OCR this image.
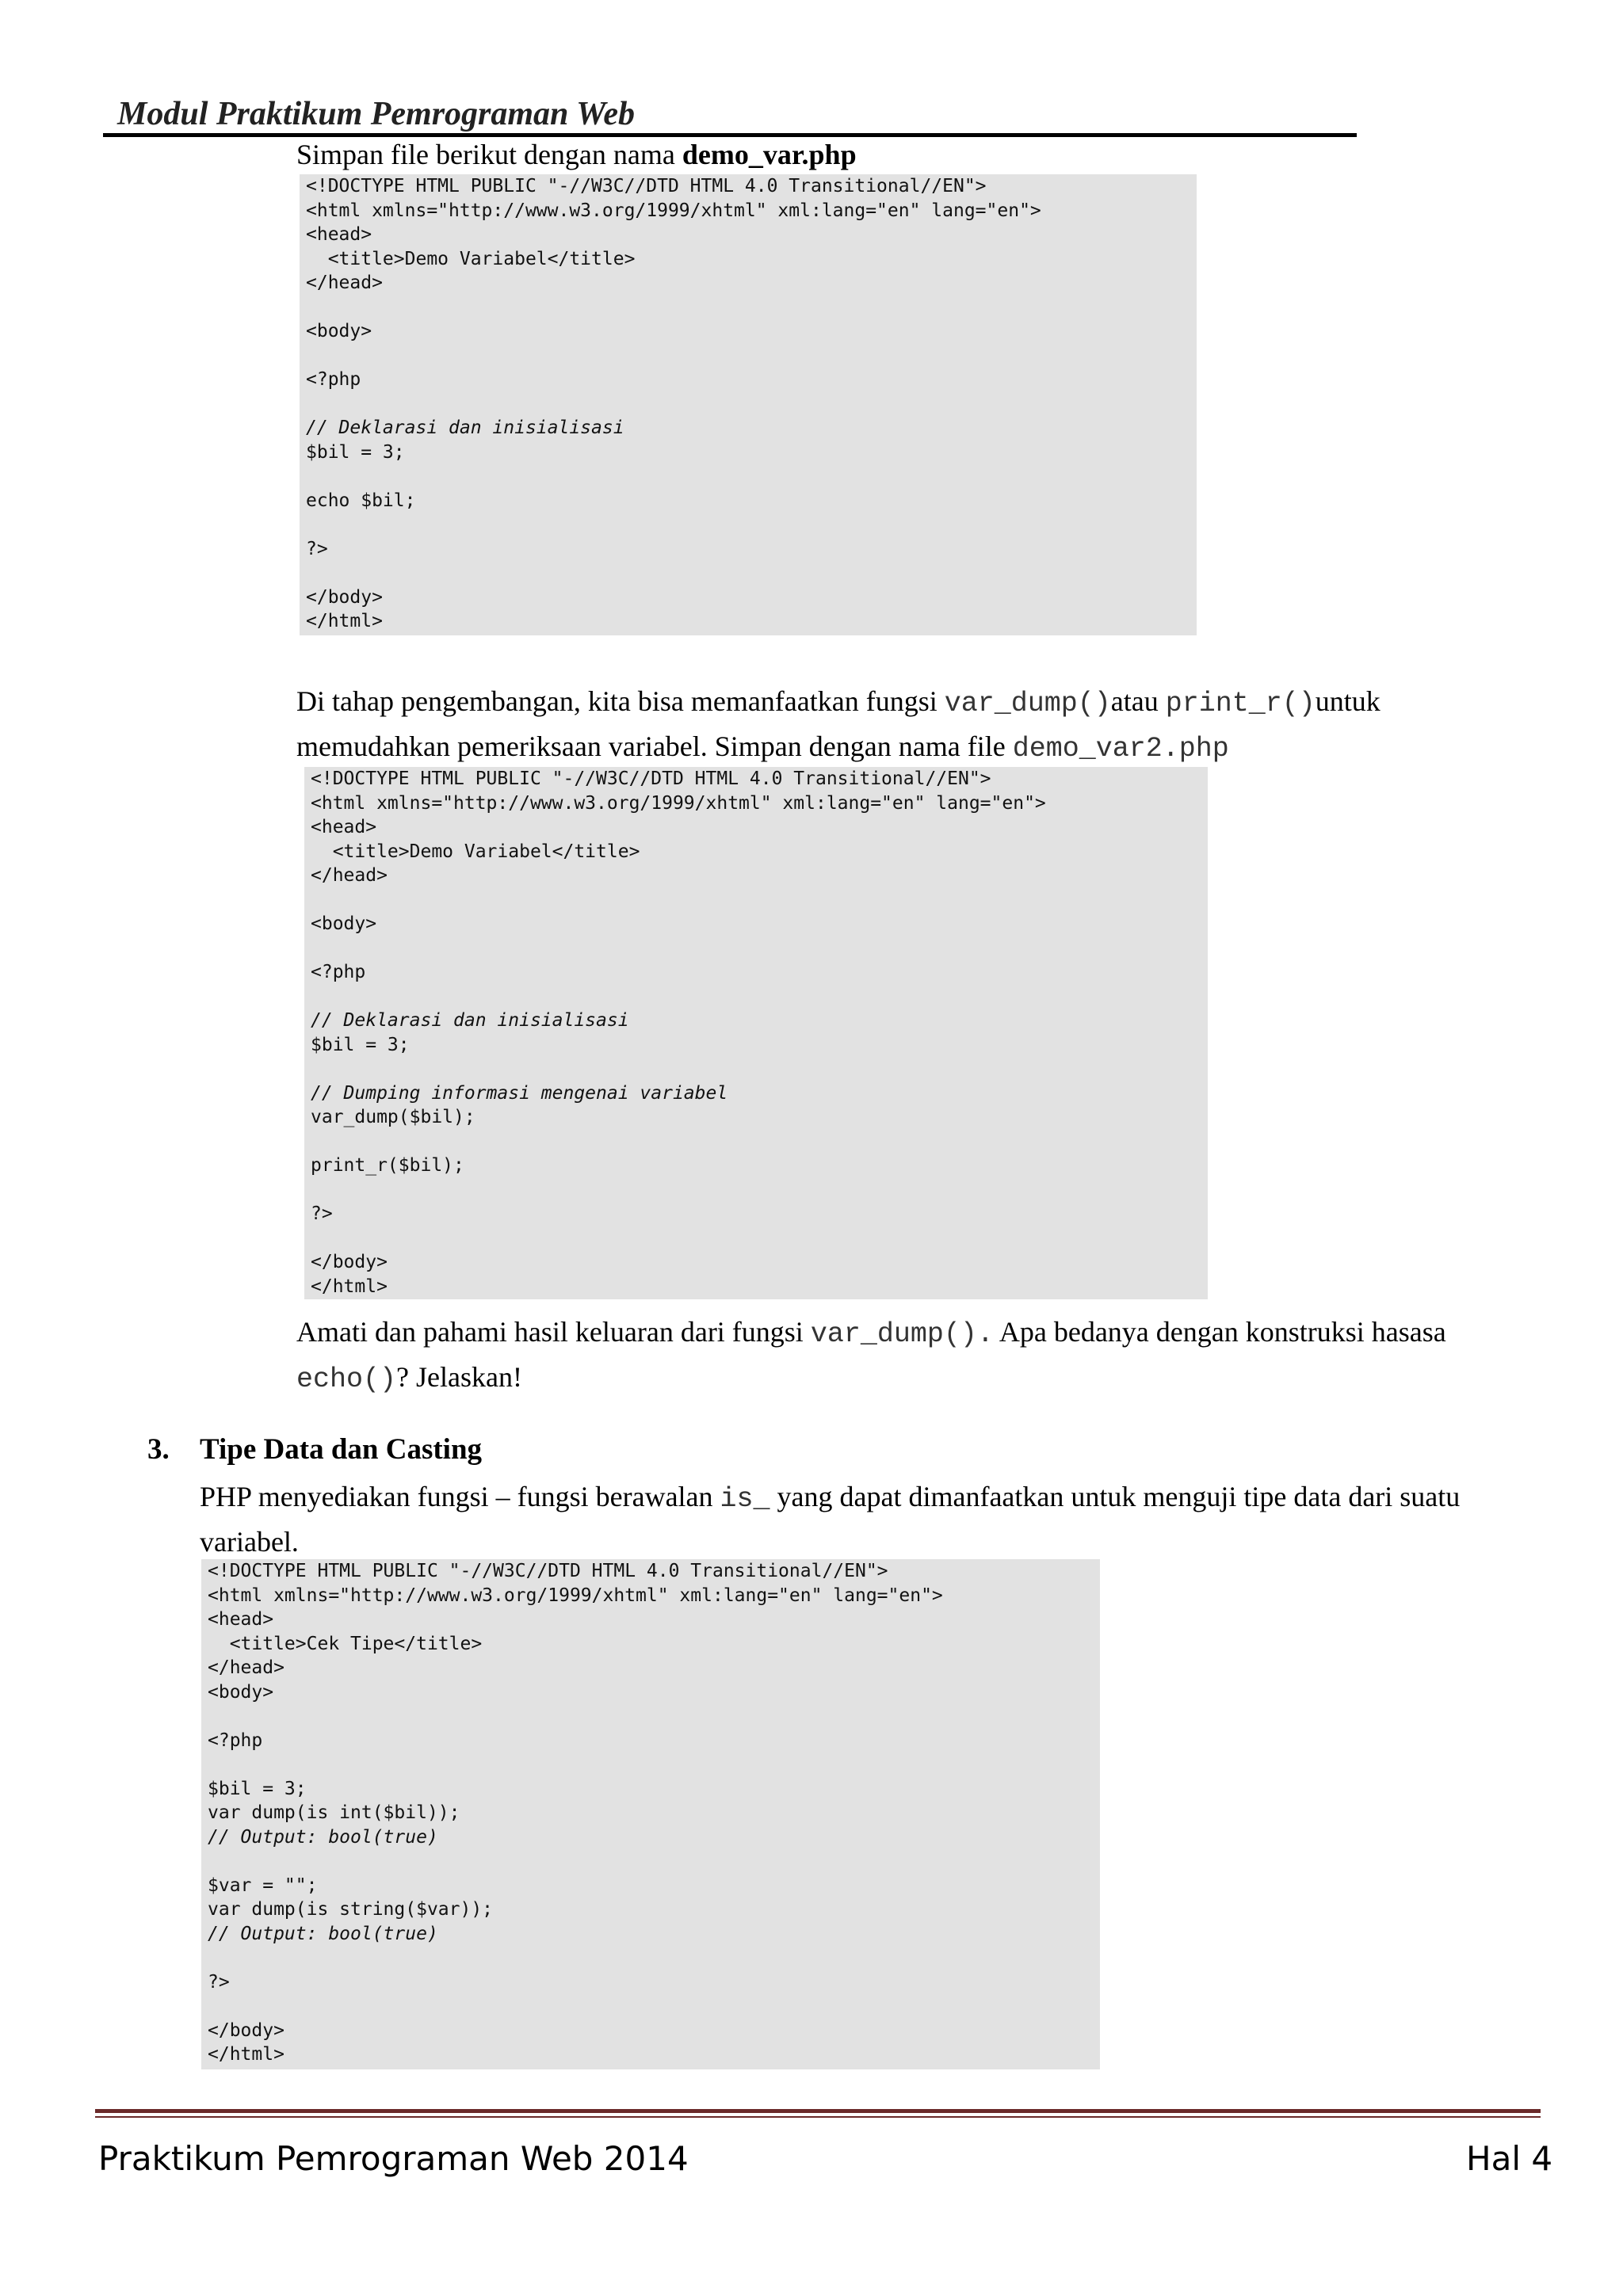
Modul Praktikum Pemrograman Web
Simpan file berikut dengan nama demo_var.php
<!DOCTYPE HTML PUBLIC "-//W3C//DTD HTML 4.0 Transitional//EN">
<html xmlns="http://www.w3.org/1999/xhtml" xml:lang="en" lang="en">
<head>
<title>Demo Variabel</title>
</head>
<body>
<?php
// Deklarasi dan inisialisasi
$bil = 3;
echo $bil;
?>
</body>
</html>
Di tahap pengembangan, kita bisa memanfaatkan fungsi var_dump()atau print_r()untuk
memudahkan pemeriksaan variabel. Simpan dengan nama file demo_var2.php
<!DOCTYPE HTML PUBLIC "-//W3C//DTD HTML 4.0 Transitional//EN">
<html xmlns="http://www.w3.org/1999/xhtml" xml:lang="en" lang="en">
<head>
<title>Demo Variabel</title>
</head>
<body>
<?php
// Deklarasi dan inisialisasi
$bil = 3;
// Dumping informasi mengenai variabel
var_dump($bil);
print_r($bil);
?>
</body>
</html>
Amati dan pahami hasil keluaran dari fungsi var_dump(). Apa bedanya dengan konstruksi hasasa
echo()? Jelaskan!
3. Tipe Data dan Casting
PHP menyediakan fungsi – fungsi berawalan is_ yang dapat dimanfaatkan untuk menguji tipe data dari suatu
variabel.
<!DOCTYPE HTML PUBLIC "-//W3C//DTD HTML 4.0 Transitional//EN">
<html xmlns="http://www.w3.org/1999/xhtml" xml:lang="en" lang="en">
<head>
<title>Cek Tipe</title>
</head>
<body>
<?php
$bil = 3;
var dump(is int($bil));
// Output: bool(true)
$var = "";
var dump(is string($var));
// Output: bool(true)
?>
</body>
</html>
Praktikum Pemrograman Web 2014	Hal 4
